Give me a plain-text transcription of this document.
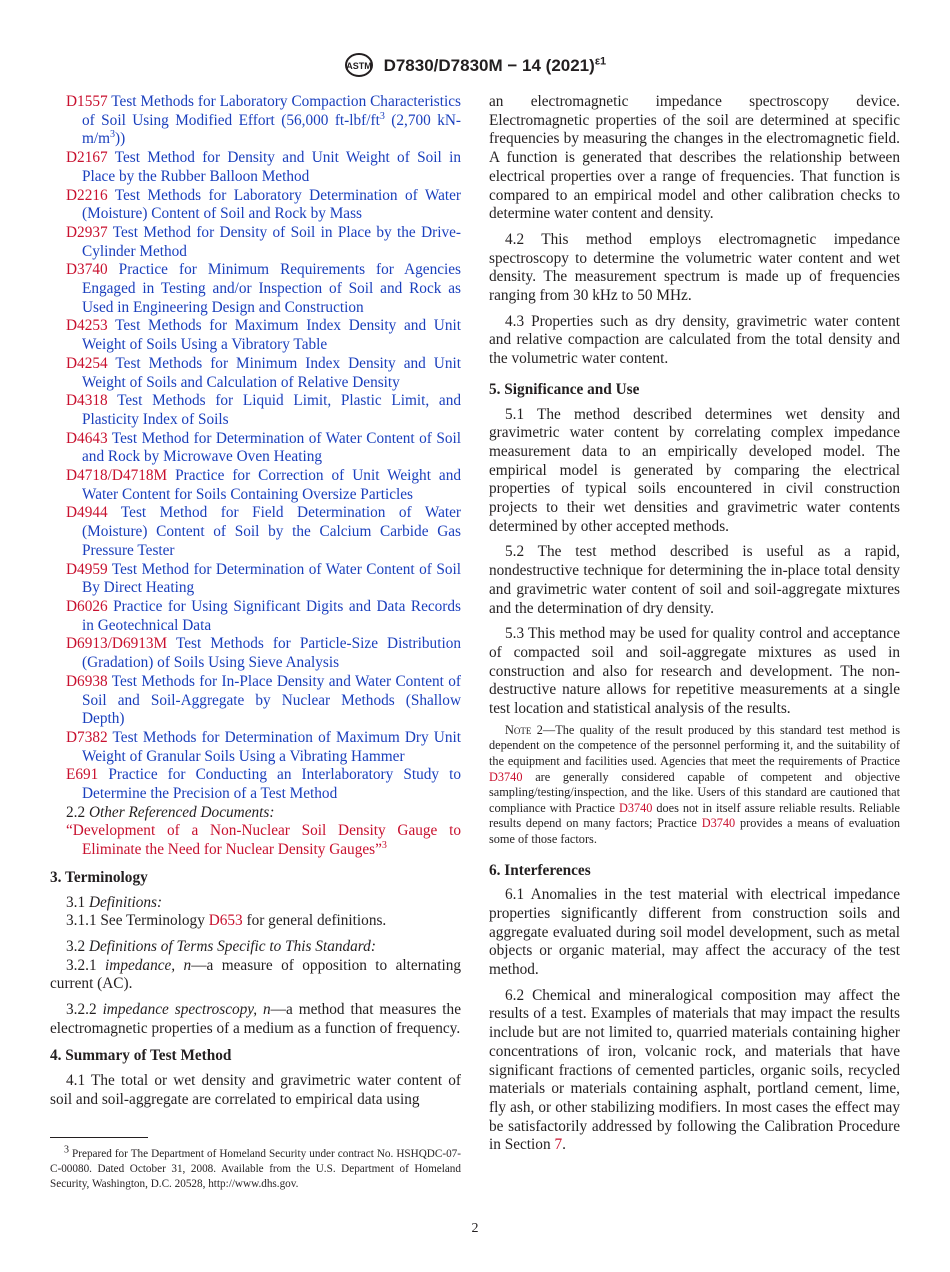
ASTM D7830/D7830M − 14 $(2021)^{\varepsilon 1}$
D1557 Test Methods for Laboratory Compaction Characteristics of Soil Using Modified Effort (56,000 $ft-lbf/ft^3$ (2,700 $kN-m/m^3$))
D2167 Test Method for Density and Unit Weight of Soil in Place by the Rubber Balloon Method
D2216 Test Methods for Laboratory Determination of Water (Moisture) Content of Soil and Rock by Mass
D2937 Test Method for Density of Soil in Place by the Drive-Cylinder Method
D3740 Practice for Minimum Requirements for Agencies Engaged in Testing and/or Inspection of Soil and Rock as Used in Engineering Design and Construction
D4253 Test Methods for Maximum Index Density and Unit Weight of Soils Using a Vibratory Table
D4254 Test Methods for Minimum Index Density and Unit Weight of Soils and Calculation of Relative Density
D4318 Test Methods for Liquid Limit, Plastic Limit, and Plasticity Index of Soils
D4643 Test Method for Determination of Water Content of Soil and Rock by Microwave Oven Heating
D4718/D4718M Practice for Correction of Unit Weight and Water Content for Soils Containing Oversize Particles
D4944 Test Method for Field Determination of Water (Moisture) Content of Soil by the Calcium Carbide Gas Pressure Tester
D4959 Test Method for Determination of Water Content of Soil By Direct Heating
D6026 Practice for Using Significant Digits and Data Records in Geotechnical Data
D6913/D6913M Test Methods for Particle-Size Distribution (Gradation) of Soils Using Sieve Analysis
D6938 Test Methods for In-Place Density and Water Content of Soil and Soil-Aggregate by Nuclear Methods (Shallow Depth)
D7382 Test Methods for Determination of Maximum Dry Unit Weight of Granular Soils Using a Vibrating Hammer
E691 Practice for Conducting an Interlaboratory Study to Determine the Precision of a Test Method
2.2 Other Referenced Documents:
“Development of a Non-Nuclear Soil Density Gauge to Eliminate the Need for Nuclear Density Gauges”$^3$
3. Terminology
3.1 Definitions:
3.1.1 See Terminology D653 for general definitions.
3.2 Definitions of Terms Specific to This Standard:
3.2.1 impedance, n—a measure of opposition to alternating current (AC).
3.2.2 impedance spectroscopy, n—a method that measures the electromagnetic properties of a medium as a function of frequency.
4. Summary of Test Method
4.1 The total or wet density and gravimetric water content of soil and soil-aggregate are correlated to empirical data using
an electromagnetic impedance spectroscopy device. Electromagnetic properties of the soil are determined at specific frequencies by measuring the changes in the electromagnetic field. A function is generated that describes the relationship between electrical properties over a range of frequencies. That function is compared to an empirical model and other calibration checks to determine water content and density.
4.2 This method employs electromagnetic impedance spectroscopy to determine the volumetric water content and wet density. The measurement spectrum is made up of frequencies ranging from 30 kHz to 50 MHz.
4.3 Properties such as dry density, gravimetric water content and relative compaction are calculated from the total density and the volumetric water content.
5. Significance and Use
5.1 The method described determines wet density and gravimetric water content by correlating complex impedance measurement data to an empirically developed model. The empirical model is generated by comparing the electrical properties of typical soils encountered in civil construction projects to their wet densities and gravimetric water contents determined by other accepted methods.
5.2 The test method described is useful as a rapid, nondestructive technique for determining the in-place total density and gravimetric water content of soil and soil-aggregate mixtures and the determination of dry density.
5.3 This method may be used for quality control and acceptance of compacted soil and soil-aggregate mixtures as used in construction and also for research and development. The non-destructive nature allows for repetitive measurements at a single test location and statistical analysis of the results.
Note 2—The quality of the result produced by this standard test method is dependent on the competence of the personnel performing it, and the suitability of the equipment and facilities used. Agencies that meet the requirements of Practice D3740 are generally considered capable of competent and objective sampling/testing/inspection, and the like. Users of this standard are cautioned that compliance with Practice D3740 does not in itself assure reliable results. Reliable results depend on many factors; Practice D3740 provides a means of evaluation some of those factors.
6. Interferences
6.1 Anomalies in the test material with electrical impedance properties significantly different from construction soils and aggregate evaluated during soil model development, such as metal objects or organic material, may affect the accuracy of the test method.
6.2 Chemical and mineralogical composition may affect the results of a test. Examples of materials that may impact the results include but are not limited to, quarried materials containing higher concentrations of iron, volcanic rock, and materials that have significant fractions of cemented particles, organic soils, recycled materials or materials containing asphalt, portland cement, lime, fly ash, or other stabilizing modifiers. In most cases the effect may be satisfactorily addressed by following the Calibration Procedure in Section 7.
$^3$ Prepared for The Department of Homeland Security under contract No. HSHQDC-07-C-00080. Dated October 31, 2008. Available from the U.S. Department of Homeland Security, Washington, D.C. 20528, http://www.dhs.gov.
2
